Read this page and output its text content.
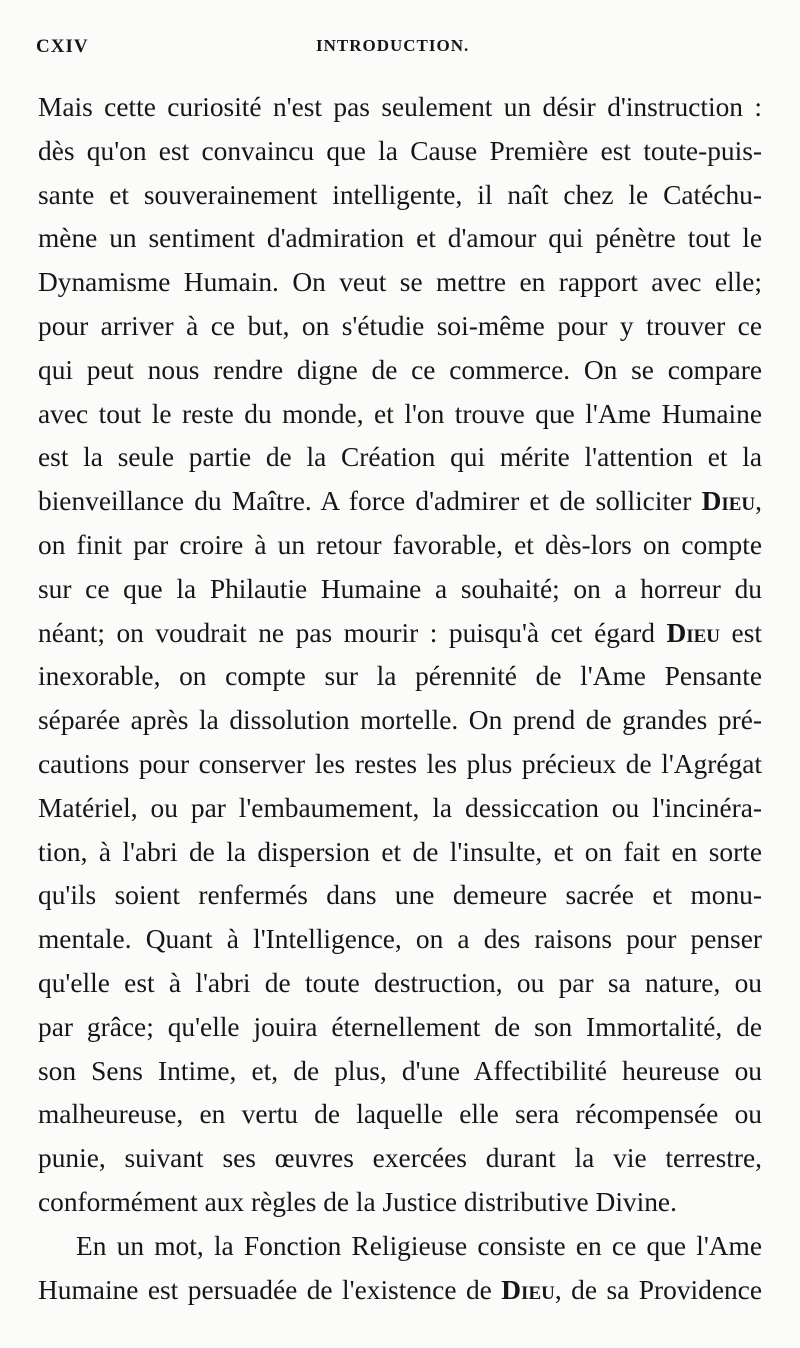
CXIV	INTRODUCTION.
Mais cette curiosité n'est pas seulement un désir d'instruction :
dès qu'on est convaincu que la Cause Première est toute-puis-
sante et souverainement intelligente, il naît chez le Catéchu-
mène un sentiment d'admiration et d'amour qui pénètre tout le
Dynamisme Humain. On veut se mettre en rapport avec elle;
pour arriver à ce but, on s'étudie soi-même pour y trouver ce
qui peut nous rendre digne de ce commerce. On se compare
avec tout le reste du monde, et l'on trouve que l'Ame Humaine
est la seule partie de la Création qui mérite l'attention et la
bienveillance du Maître. A force d'admirer et de solliciter Dieu,
on finit par croire à un retour favorable, et dès-lors on compte
sur ce que la Philautie Humaine a souhaité; on a horreur du
néant; on voudrait ne pas mourir : puisqu'à cet égard Dieu est
inexorable, on compte sur la pérennité de l'Ame Pensante
séparée après la dissolution mortelle. On prend de grandes pré-
cautions pour conserver les restes les plus précieux de l'Agrégat
Matériel, ou par l'embaumement, la dessiccation ou l'incinéra-
tion, à l'abri de la dispersion et de l'insulte, et on fait en sorte
qu'ils soient renfermés dans une demeure sacrée et monu-
mentale. Quant à l'Intelligence, on a des raisons pour penser
qu'elle est à l'abri de toute destruction, ou par sa nature, ou
par grâce; qu'elle jouira éternellement de son Immortalité, de
son Sens Intime, et, de plus, d'une Affectibilité heureuse ou
malheureuse, en vertu de laquelle elle sera récompensée ou
punie, suivant ses œuvres exercées durant la vie terrestre,
conformément aux règles de la Justice distributive Divine.
En un mot, la Fonction Religieuse consiste en ce que l'Ame
Humaine est persuadée de l'existence de Dieu, de sa Providence
